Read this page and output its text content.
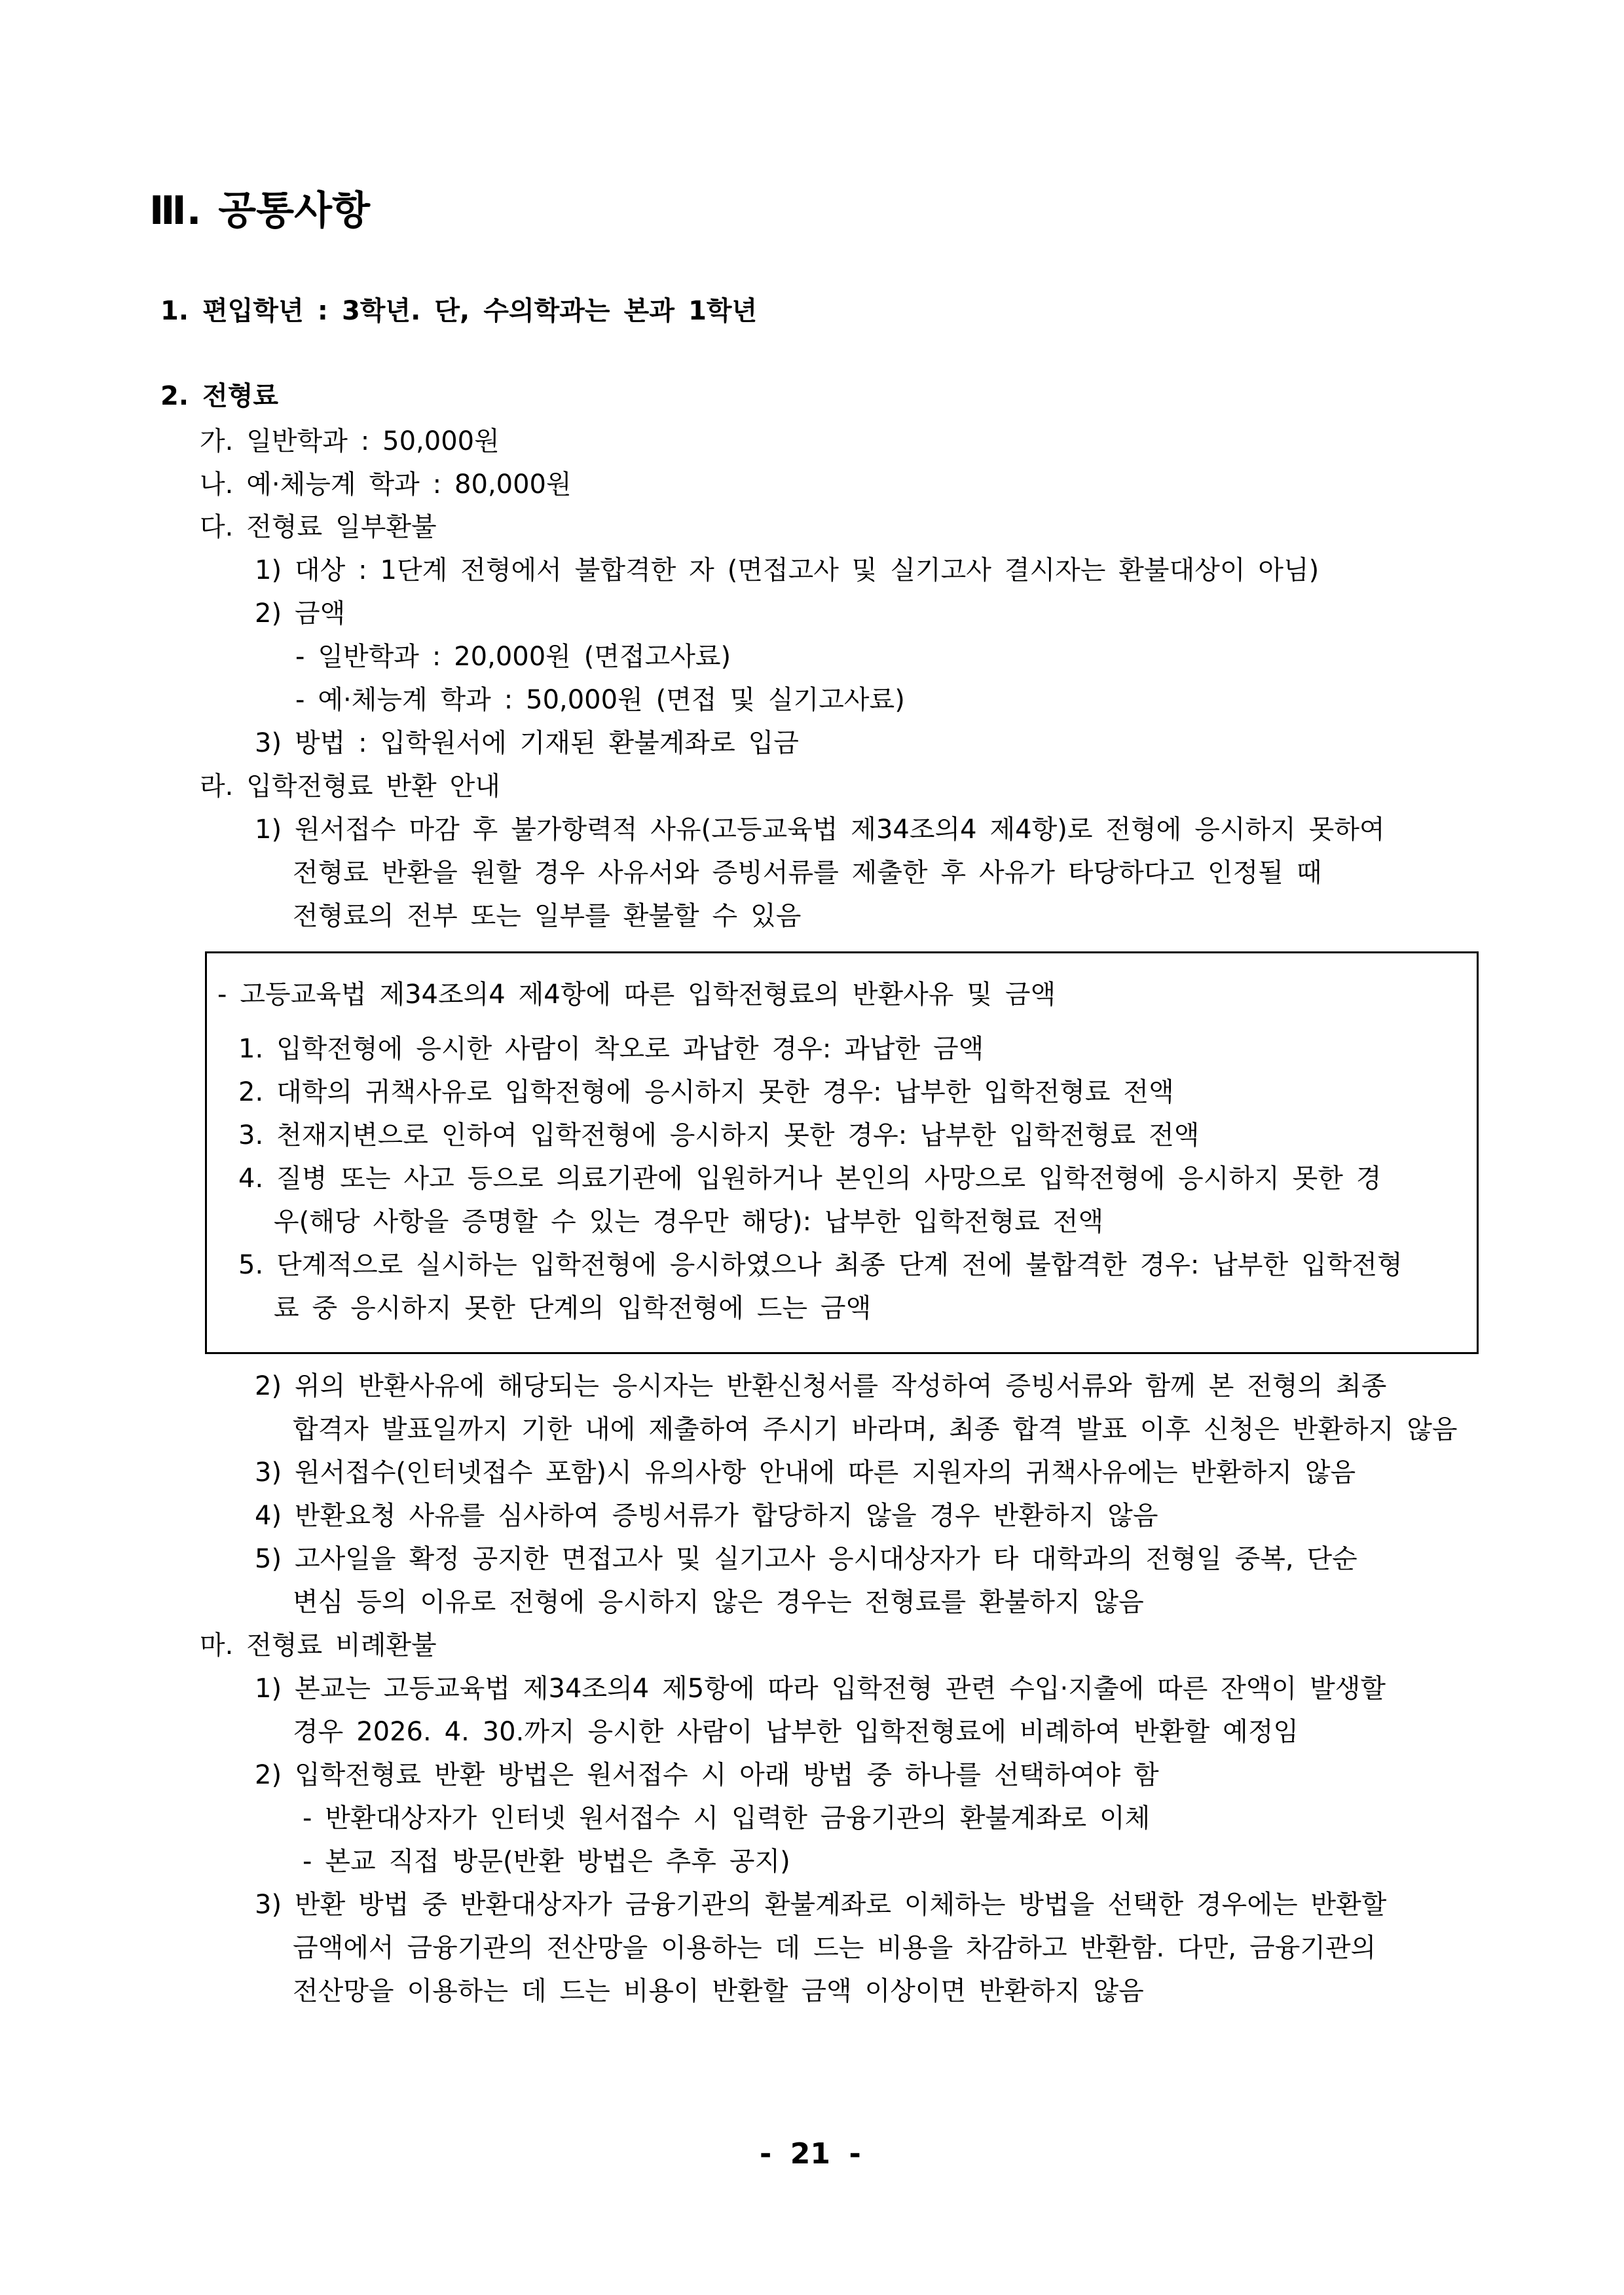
Ⅲ. 공통사항
1. 편입학년 : 3학년. 단, 수의학과는 본과 1학년
2. 전형료
가. 일반학과 : 50,000원
나. 예·체능계 학과 : 80,000원
다. 전형료 일부환불
1) 대상 : 1단계 전형에서 불합격한 자 (면접고사 및 실기고사 결시자는 환불대상이 아님)
2) 금액
- 일반학과 : 20,000원 (면접고사료)
- 예·체능계 학과 : 50,000원 (면접 및 실기고사료)
3) 방법 : 입학원서에 기재된 환불계좌로 입금
라. 입학전형료 반환 안내
1) 원서접수 마감 후 불가항력적 사유(고등교육법 제34조의4 제4항)로 전형에 응시하지 못하여
전형료 반환을 원할 경우 사유서와 증빙서류를 제출한 후 사유가 타당하다고 인정될 때
전형료의 전부 또는 일부를 환불할 수 있음
- 고등교육법 제34조의4 제4항에 따른 입학전형료의 반환사유 및 금액
1. 입학전형에 응시한 사람이 착오로 과납한 경우: 과납한 금액
2. 대학의 귀책사유로 입학전형에 응시하지 못한 경우: 납부한 입학전형료 전액
3. 천재지변으로 인하여 입학전형에 응시하지 못한 경우: 납부한 입학전형료 전액
4. 질병 또는 사고 등으로 의료기관에 입원하거나 본인의 사망으로 입학전형에 응시하지 못한 경
우(해당 사항을 증명할 수 있는 경우만 해당): 납부한 입학전형료 전액
5. 단계적으로 실시하는 입학전형에 응시하였으나 최종 단계 전에 불합격한 경우: 납부한 입학전형
료 중 응시하지 못한 단계의 입학전형에 드는 금액
2) 위의 반환사유에 해당되는 응시자는 반환신청서를 작성하여 증빙서류와 함께 본 전형의 최종
합격자 발표일까지 기한 내에 제출하여 주시기 바라며, 최종 합격 발표 이후 신청은 반환하지 않음
3) 원서접수(인터넷접수 포함)시 유의사항 안내에 따른 지원자의 귀책사유에는 반환하지 않음
4) 반환요청 사유를 심사하여 증빙서류가 합당하지 않을 경우 반환하지 않음
5) 고사일을 확정 공지한 면접고사 및 실기고사 응시대상자가 타 대학과의 전형일 중복, 단순
변심 등의 이유로 전형에 응시하지 않은 경우는 전형료를 환불하지 않음
마. 전형료 비례환불
1) 본교는 고등교육법 제34조의4 제5항에 따라 입학전형 관련 수입·지출에 따른 잔액이 발생할
경우 2026. 4. 30.까지 응시한 사람이 납부한 입학전형료에 비례하여 반환할 예정임
2) 입학전형료 반환 방법은 원서접수 시 아래 방법 중 하나를 선택하여야 함
- 반환대상자가 인터넷 원서접수 시 입력한 금융기관의 환불계좌로 이체
- 본교 직접 방문(반환 방법은 추후 공지)
3) 반환 방법 중 반환대상자가 금융기관의 환불계좌로 이체하는 방법을 선택한 경우에는 반환할
금액에서 금융기관의 전산망을 이용하는 데 드는 비용을 차감하고 반환함. 다만, 금융기관의
전산망을 이용하는 데 드는 비용이 반환할 금액 이상이면 반환하지 않음
- 21 -
